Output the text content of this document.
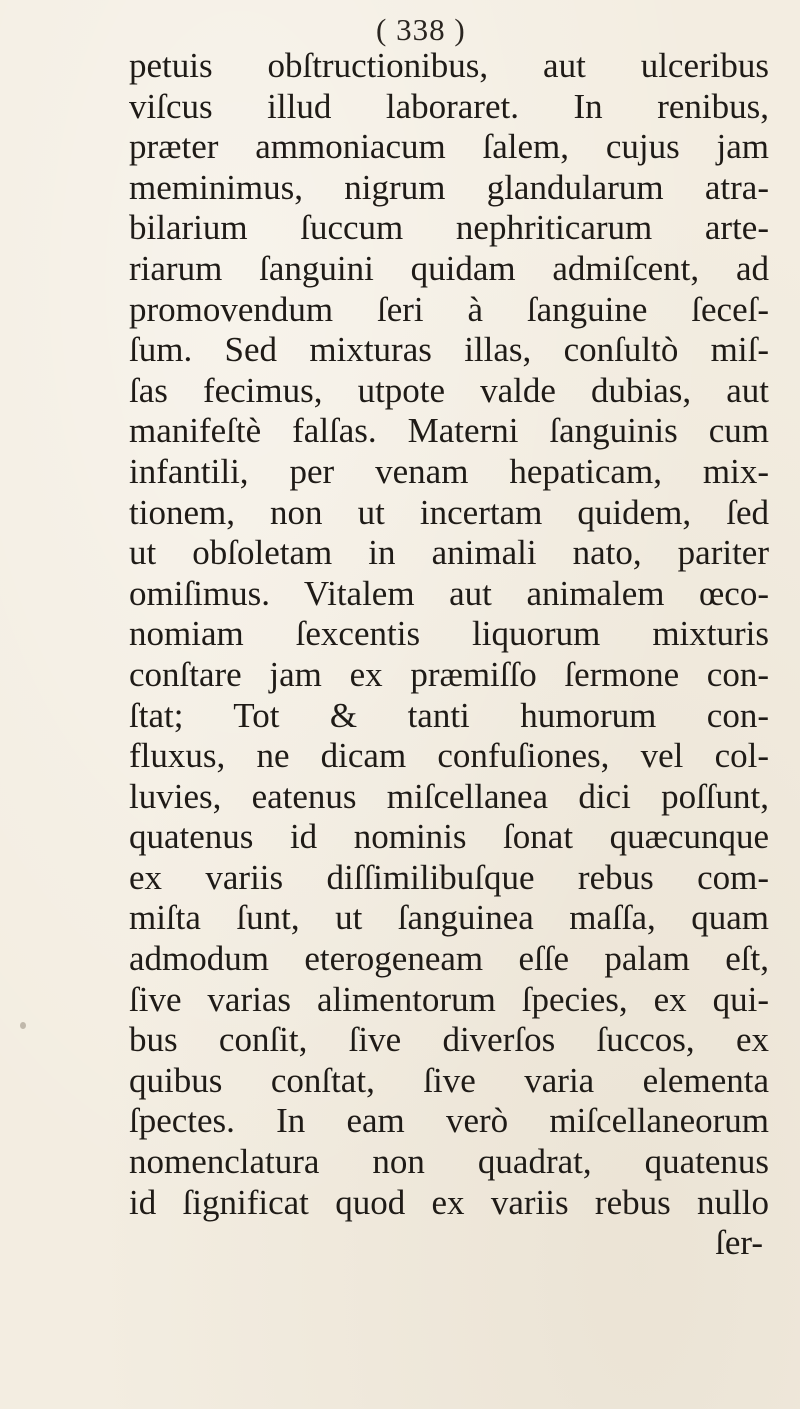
( 338 )
petuis obſtructionibus, aut ulceribus
viſcus illud laboraret. In renibus,
præter ammoniacum ſalem, cujus jam
meminimus, nigrum glandularum atra-
bilarium ſuccum nephriticarum arte-
riarum ſanguini quidam admiſcent, ad
promovendum ſeri à ſanguine ſeceſ-
ſum. Sed mixturas illas, conſultò miſ-
ſas fecimus, utpote valde dubias, aut
manifeſtè falſas. Materni ſanguinis cum
infantili, per venam hepaticam, mix-
tionem, non ut incertam quidem, ſed
ut obſoletam in animali nato, pariter
omiſimus. Vitalem aut animalem œco-
nomiam ſexcentis liquorum mixturis
conſtare jam ex præmiſſo ſermone con-
ſtat; Tot & tanti humorum con-
fluxus, ne dicam confuſiones, vel col-
luvies, eatenus miſcellanea dici poſſunt,
quatenus id nominis ſonat quæcunque
ex variis diſſimilibuſque rebus com-
miſta ſunt, ut ſanguinea maſſa, quam
admodum eterogeneam eſſe palam eſt,
ſive varias alimentorum ſpecies, ex qui-
bus conſit, ſive diverſos ſuccos, ex
quibus conſtat, ſive varia elementa
ſpectes. In eam verò miſcellaneorum
nomenclatura non quadrat, quatenus
id ſignificat quod ex variis rebus nullo
ſer-
